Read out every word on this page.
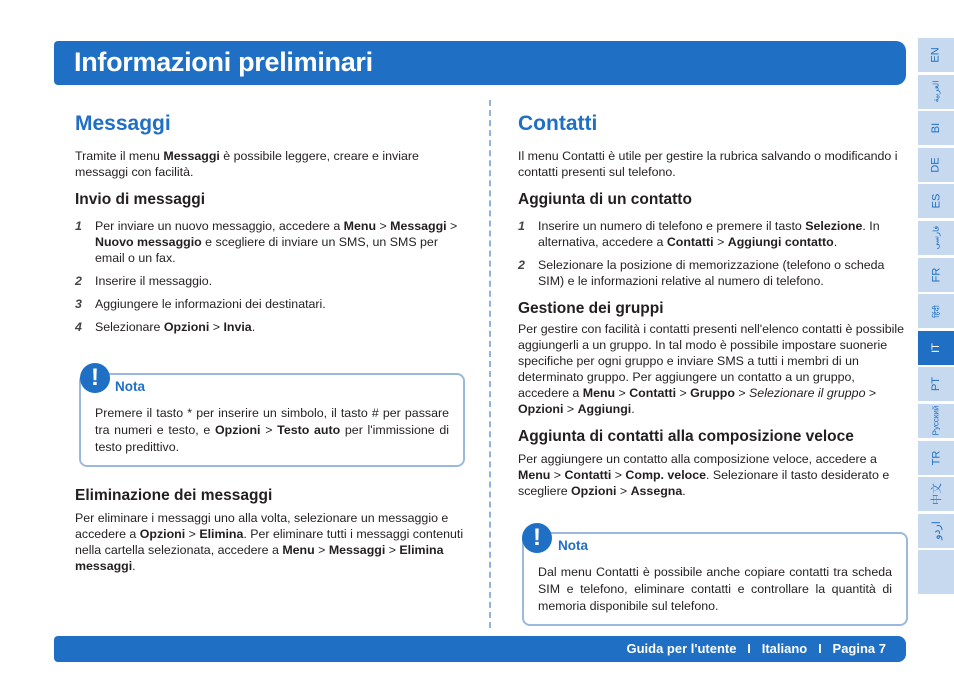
Informazioni preliminari	EN
العربية
BI
DE
ES
فارسی
FR
हिंदी
IT
PT
Русский
TR
中文
اردو
Messaggi

Tramite il menu Messaggi è possibile leggere, creare e inviare messaggi con facilità.

Invio di messaggi
1 Per inviare un nuovo messaggio, accedere a Menu > Messaggi > Nuovo messaggio e scegliere di inviare un SMS, un SMS per email o un fax.
2 Inserire il messaggio.
3 Aggiungere le informazioni dei destinatari.
4 Selezionare Opzioni > Invia.
Nota
Premere il tasto * per inserire un simbolo, il tasto # per passare tra numeri e testo, e Opzioni > Testo auto per l'immissione di testo predittivo.
!
Eliminazione dei messaggi

Per eliminare i messaggi uno alla volta, selezionare un messaggio e accedere a Opzioni > Elimina. Per eliminare tutti i messaggi contenuti nella cartella selezionata, accedere a Menu > Messaggi > Elimina messaggi.

Contatti

Il menu Contatti è utile per gestire la rubrica salvando o modificando i contatti presenti sul telefono.

Aggiunta di un contatto
1 Inserire un numero di telefono e premere il tasto Selezione. In alternativa, accedere a Contatti > Aggiungi contatto.
2 Selezionare la posizione di memorizzazione (telefono o scheda SIM) e le informazioni relative al numero di telefono.
Gestione dei gruppi

Per gestire con facilità i contatti presenti nell'elenco contatti è possibile aggiungerli a un gruppo. In tal modo è possibile impostare suonerie specifiche per ogni gruppo e inviare SMS a tutti i membri di un determinato gruppo. Per aggiungere un contatto a un gruppo, accedere a Menu > Contatti > Gruppo > Selezionare il gruppo > Opzioni > Aggiungi.

Aggiunta di contatti alla composizione veloce

Per aggiungere un contatto alla composizione veloce, accedere a Menu > Contatti > Comp. veloce. Selezionare il tasto desiderato e scegliere Opzioni > Assegna.

Nota
Dal menu Contatti è possibile anche copiare contatti tra scheda SIM e telefono, eliminare contatti e controllare la quantità di memoria disponibile sul telefono.
!
Guida per l'utente   I   Italiano   I   Pagina 7
